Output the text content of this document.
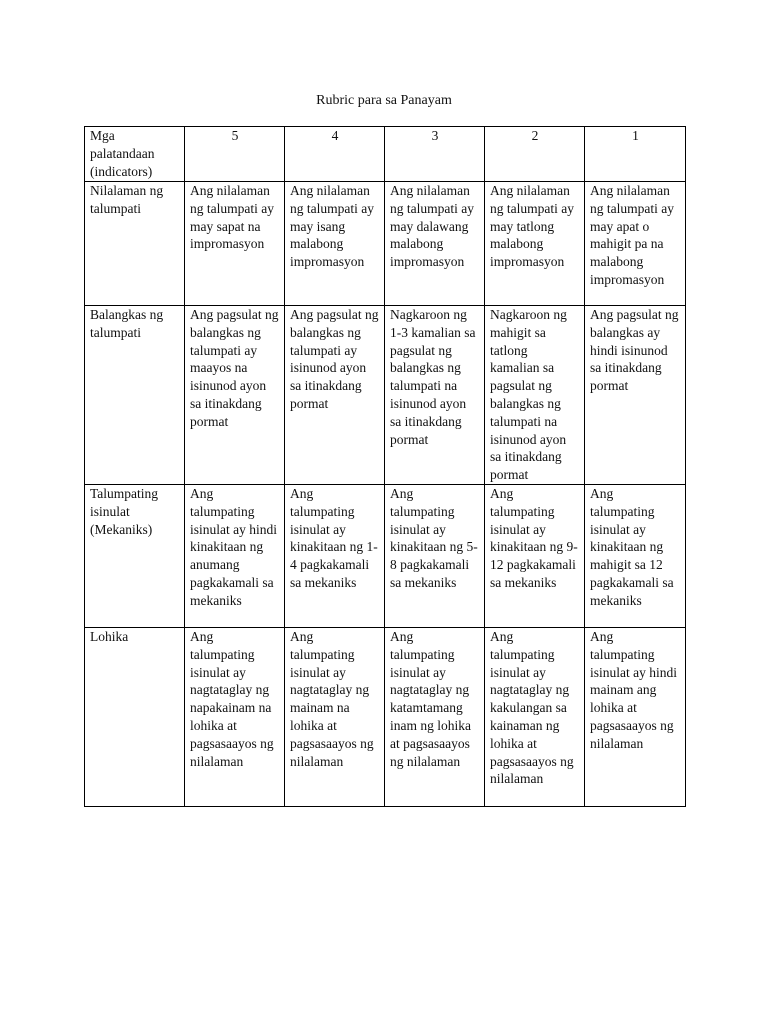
Rubric para sa Panayam
Mga palatandaan (indicators)	5	4	3	2	1
Nilalaman ng talumpati	Ang nilalaman ng talumpati ay may sapat na impromasyon	Ang nilalaman ng talumpati ay may isang malabong impromasyon	Ang nilalaman ng talumpati ay may dalawang malabong impromasyon	Ang nilalaman ng talumpati ay may tatlong malabong impromasyon	Ang nilalaman ng talumpati ay may apat o mahigit pa na malabong impromasyon
Balangkas ng talumpati	Ang pagsulat ng balangkas ng talumpati ay maayos na isinunod ayon sa itinakdang pormat	Ang pagsulat ng balangkas ng talumpati ay isinunod ayon sa itinakdang pormat	Nagkaroon ng 1-3 kamalian sa pagsulat ng balangkas ng talumpati na isinunod ayon sa itinakdang pormat	Nagkaroon ng mahigit sa tatlong kamalian sa pagsulat ng balangkas ng talumpati na isinunod ayon sa itinakdang pormat	Ang pagsulat ng balangkas ay hindi isinunod sa itinakdang pormat
Talumpating isinulat (Mekaniks)	Ang talumpating isinulat ay hindi kinakitaan ng anumang pagkakamali sa mekaniks	Ang talumpating isinulat ay kinakitaan ng 1-4 pagkakamali sa mekaniks	Ang talumpating isinulat ay kinakitaan ng 5-8 pagkakamali sa mekaniks	Ang talumpating isinulat ay kinakitaan ng 9-12 pagkakamali sa mekaniks	Ang talumpating isinulat ay kinakitaan ng mahigit sa 12 pagkakamali sa mekaniks
Lohika	Ang talumpating isinulat ay nagtataglay ng napakainam na lohika at pagsasaayos ng nilalaman	Ang talumpating isinulat ay nagtataglay ng mainam na lohika at pagsasaayos ng nilalaman	Ang talumpating isinulat ay nagtataglay ng katamtamang inam ng lohika at pagsasaayos ng nilalaman	Ang talumpating isinulat ay nagtataglay ng kakulangan sa kainaman ng lohika at pagsasaayos ng nilalaman	Ang talumpating isinulat ay hindi mainam ang lohika at pagsasaayos ng nilalaman
